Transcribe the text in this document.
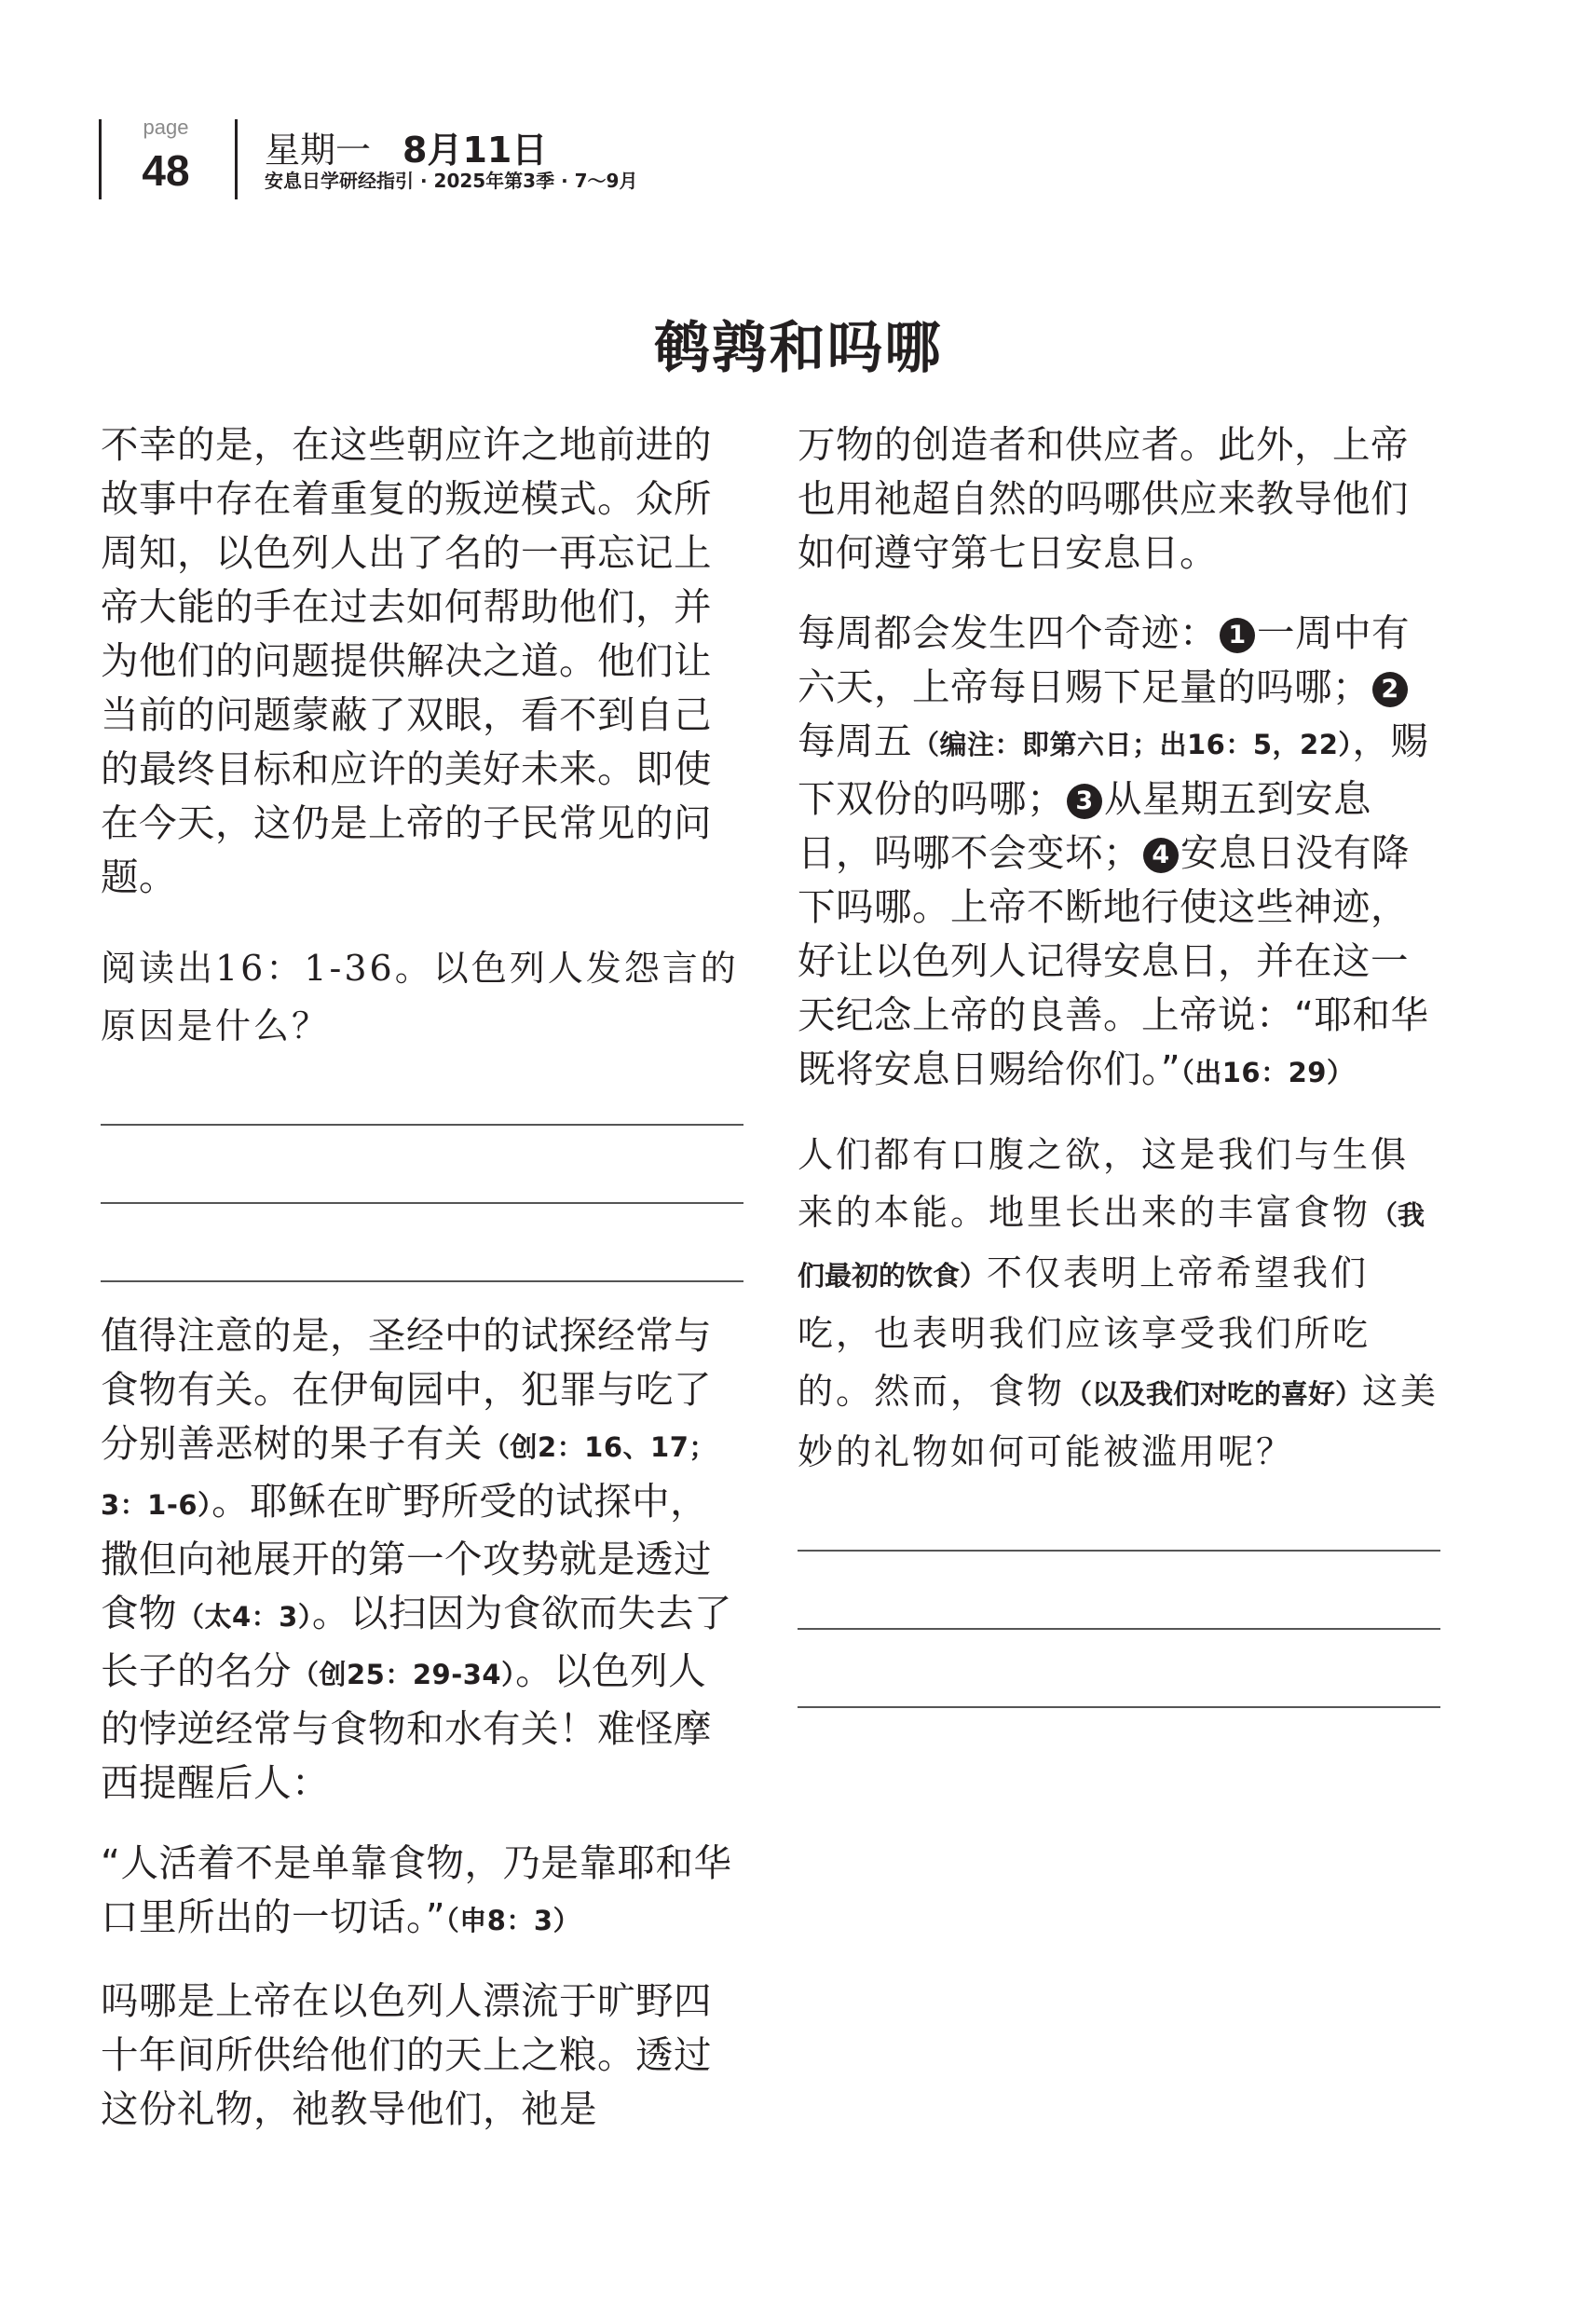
page
48	星期一 8月11日
安息日学研经指引 · 2025年第3季 · 7～9月
鹌鹑和吗哪

不幸的是，在这些朝应许之地前进的故事中存在着重复的叛逆模式。众所周知，以色列人出了名的一再忘记上帝大能的手在过去如何帮助他们，并为他们的问题提供解决之道。他们让当前的问题蒙蔽了双眼，看不到自己的最终目标和应许的美好未来。即使在今天，这仍是上帝的子民常见的问题。

阅读出16：1-36。以色列人发怨言的原因是什么？

值得注意的是，圣经中的试探经常与食物有关。在伊甸园中，犯罪与吃了分别善恶树的果子有关（创2：16、17；3：1-6）。耶稣在旷野所受的试探中，撒但向祂展开的第一个攻势就是透过食物（太4：3）。以扫因为食欲而失去了长子的名分（创25：29-34）。以色列人的悖逆经常与食物和水有关！难怪摩西提醒后人：

“人活着不是单靠食物，乃是靠耶和华口里所出的一切话。”（申8：3）

吗哪是上帝在以色列人漂流于旷野四十年间所供给他们的天上之粮。透过这份礼物，祂教导他们，祂是

万物的创造者和供应者。此外，上帝也用祂超自然的吗哪供应来教导他们如何遵守第七日安息日。

每周都会发生四个奇迹： 1 一周中有六天，上帝每日赐下足量的吗哪； 2每周五（编注：即第六日；出16：5，22），赐下双份的吗哪； 3 从星期五到安息日，吗哪不会变坏； 4 安息日没有降下吗哪。上帝不断地行使这些神迹，好让以色列人记得安息日，并在这一天纪念上帝的良善。上帝说：“耶和华既将安息日赐给你们。”（出16：29）

人们都有口腹之欲，这是我们与生俱来的本能。地里长出来的丰富食物（我们最初的饮食）不仅表明上帝希望我们吃，也表明我们应该享受我们所吃的。然而，食物（以及我们对吃的喜好）这美妙的礼物如何可能被滥用呢？
